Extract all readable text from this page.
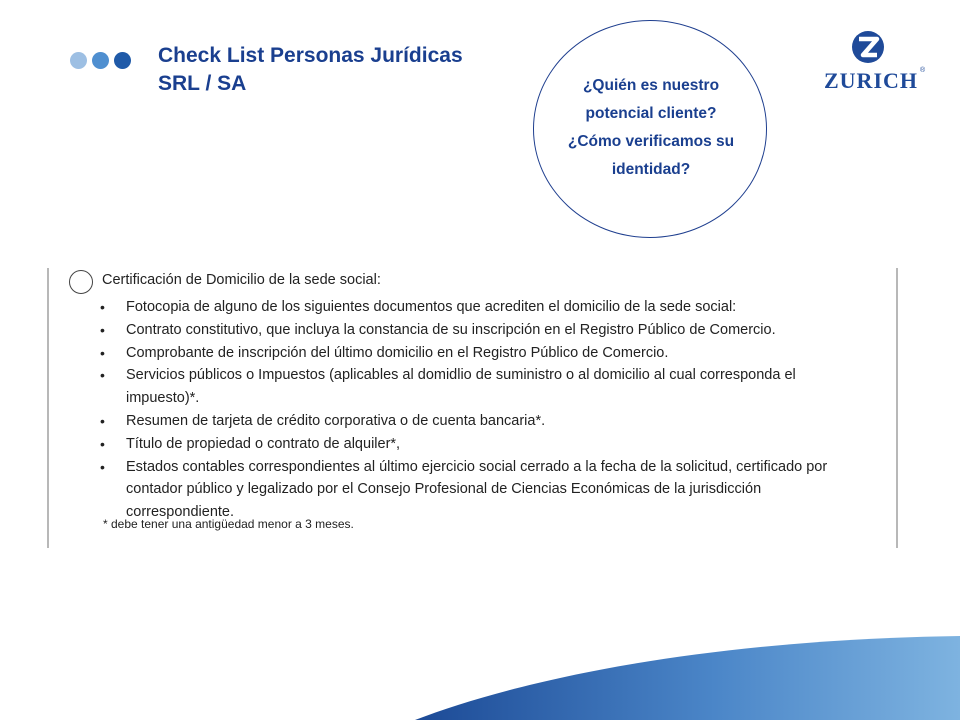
Check List Personas Jurídicas
SRL / SA	¿Quién es nuestro
potencial cliente?
¿Cómo verificamos su
identidad?
ZURICH ®
Certificación de Domicilio de la sede social:
• Fotocopia de alguno de los siguientes documentos que acrediten el domicilio de la sede social:
• Contrato constitutivo, que incluya la constancia de su inscripción en el Registro Público de Comercio.
• Comprobante de inscripción del último domicilio en el Registro Público de Comercio.
• Servicios públicos o Impuestos (aplicables al domidlio de suministro o al domicilio al cual corresponda el impuesto)*.
• Resumen de tarjeta de crédito corporativa o de cuenta bancaria*.
• Título de propiedad o contrato de alquiler*,
• Estados contables correspondientes al último ejercicio social cerrado a la fecha de la solicitud, certificado por contador público y legalizado por el Consejo Profesional de Ciencias Económicas de la jurisdicción correspondiente.
* debe tener una antigüedad menor a 3 meses.
